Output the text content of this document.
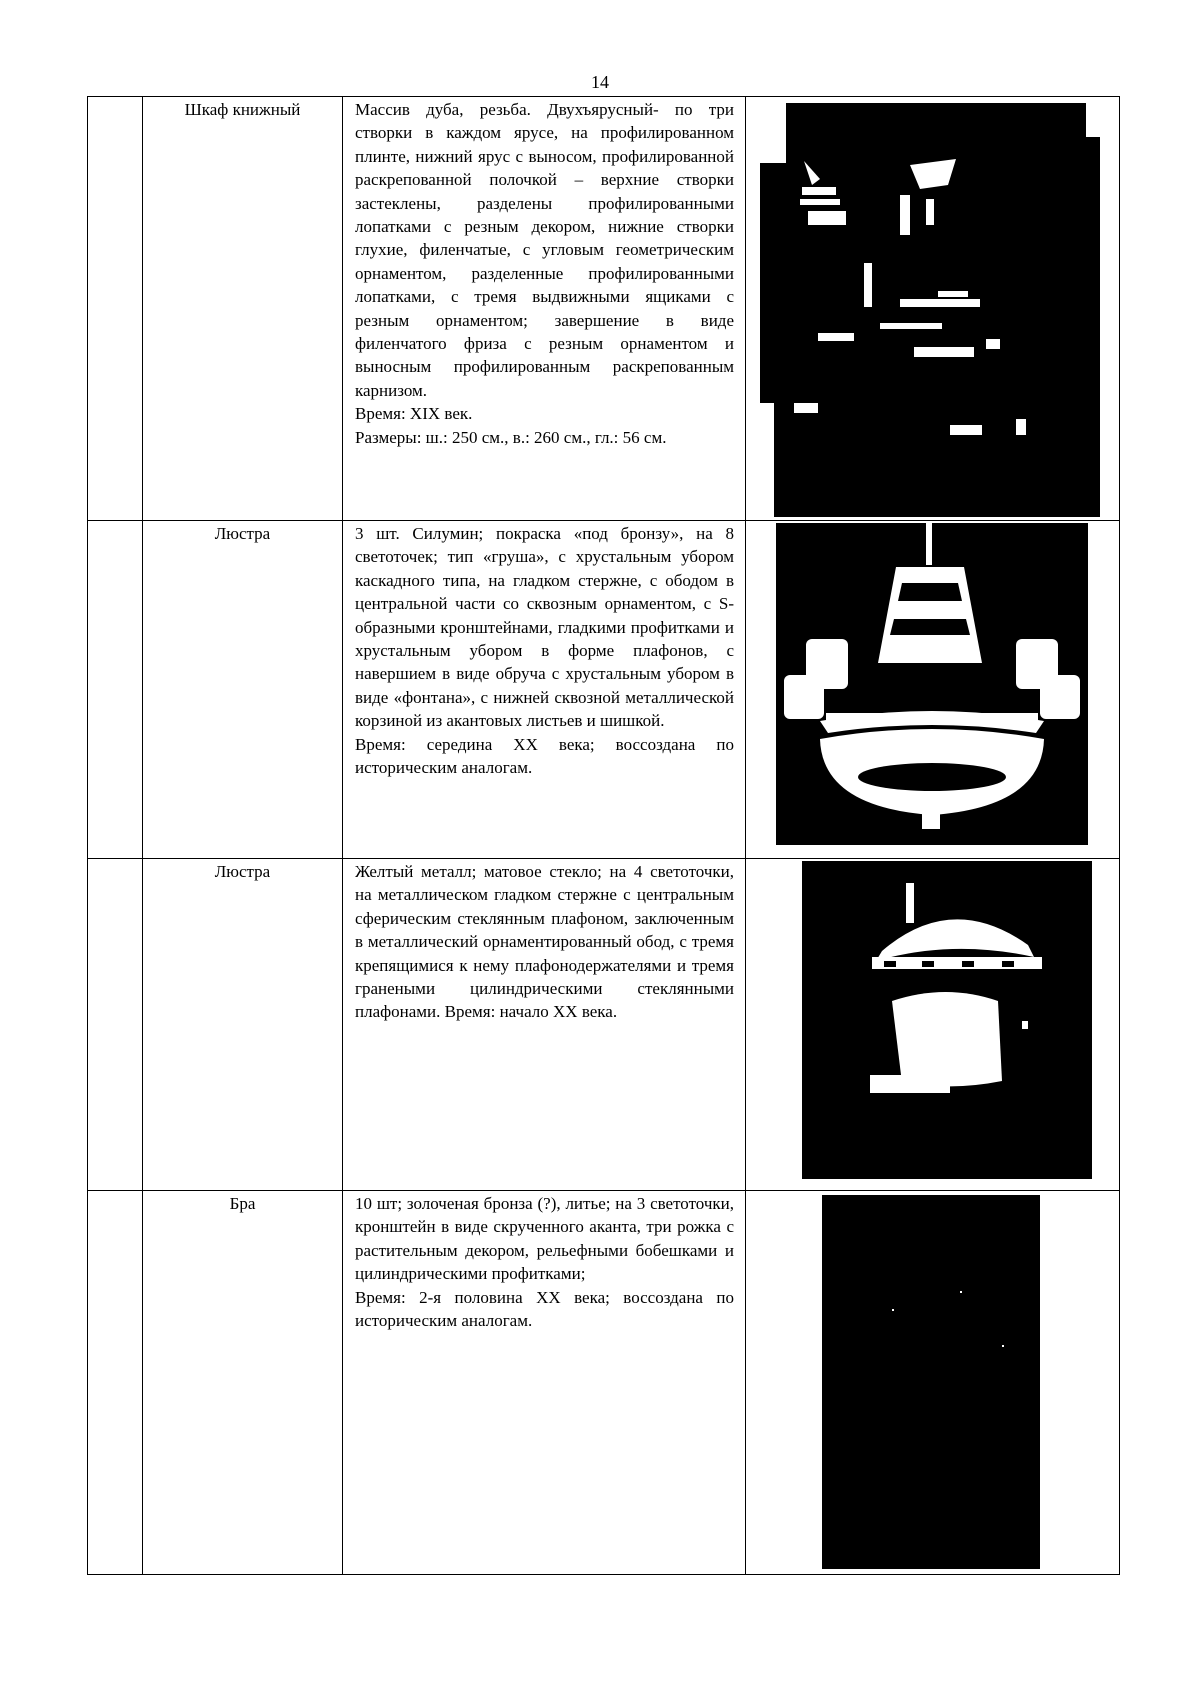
14

	Шкаф книжный	Массив дуба, резьба. Двухъярусный- по три створки в каждом ярусе, на профилированном плинте, нижний ярус с выносом, профилированной раскрепованной полочкой – верхние створки застеклены, разделены профилированными лопатками с резным декором, нижние створки глухие, филенчатые, с угловым геометрическим орнаментом, разделенные профилированными лопатками, с тремя выдвижными ящиками с резным орнаментом; завершение в виде филенчатого фриза с резным орнаментом и выносным профилированным раскрепованным карнизом.

Время: XIX век.

Размеры: ш.: 250 см., в.: 260 см., гл.: 56 см.

	Люстра	3 шт. Силумин; покраска «под бронзу», на 8 светоточек; тип «груша», с хрустальным убором каскадного типа, на гладком стержне, с ободом в центральной части со сквозным орнаментом, с S-образными кронштейнами, гладкими профитками и хрустальным убором в форме плафонов, с навершием в виде обруча с хрустальным убором в виде «фонтана», с нижней сквозной металлической корзиной из акантовых листьев и шишкой.

Время: середина XX века; воссоздана по историческим аналогам.

	Люстра	Желтый металл; матовое стекло; на 4 светоточки, на металлическом гладком стержне с центральным сферическим стеклянным плафоном, заключенным в металлический орнаментированный обод, с тремя крепящимися к нему плафонодержателями и тремя гранеными цилиндрическими стеклянными плафонами. Время: начало XX века.

	Бра	10 шт; золоченая бронза (?), литье; на 3 светоточки, кронштейн в виде скрученного аканта, три рожка с растительным декором, рельефными бобешками и цилиндрическими профитками;

Время: 2-я половина XX века; воссоздана по историческим аналогам.
